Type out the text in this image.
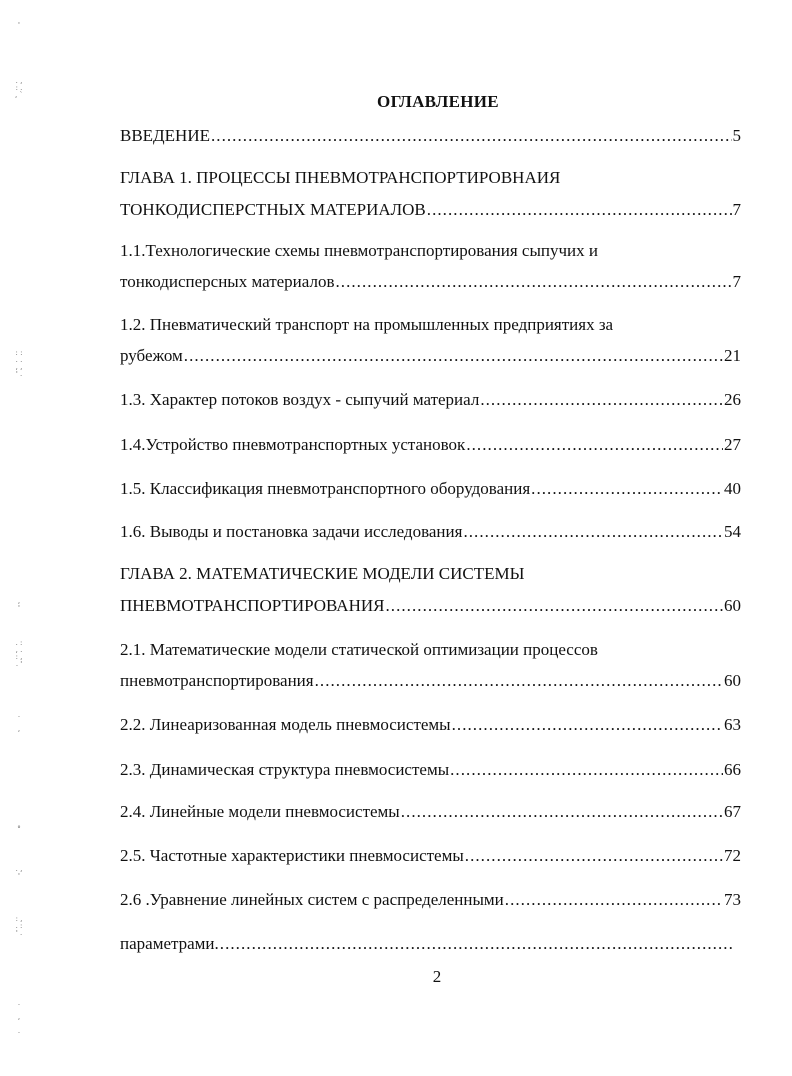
'
. ,
: .
, `
: :
. .
, ,
' .
,
'
. :
, .
: ,
. '
.

,
°
. ,
'
: ,
. :
' .
.

,

.
ОГЛАВЛЕНИЕ
ВВЕДЕНИЕ . . .	5
ГЛАВА 1. ПРОЦЕССЫ ПНЕВМОТРАНСПОРТИРОВНАИЯ
ТОНКОДИСПЕРСТНЫХ МАТЕРИАЛОВ . . .	7
1.1.Технологические схемы пневмотранспортирования сыпучих и
тонкодисперсных материалов . . .	7
1.2. Пневматический транспорт на промышленных предприятиях за
рубежом . . .	21
1.3. Характер потоков воздух - сыпучий материал . . .	26
1.4.Устройство пневмотранспортных установок . . .	27
1.5. Классификация пневмотранспортного оборудования . . .	40
1.6. Выводы и постановка задачи исследования . . .	54
ГЛАВА 2. МАТЕМАТИЧЕСКИЕ МОДЕЛИ СИСТЕМЫ
ПНЕВМОТРАНСПОРТИРОВАНИЯ . . .	60
2.1. Математические модели статической оптимизации процессов
пневмотранспортирования . . .	60
2.2. Линеаризованная модель пневмосистемы . . .	63
2.3. Динамическая структура пневмосистемы . . .	66
2.4. Линейные модели пневмосистемы . . .	67
2.5. Частотные характеристики пневмосистемы . . .	72
2.6 .Уравнение линейных систем с распределенными . . .	73
параметрами.
. . .
2
